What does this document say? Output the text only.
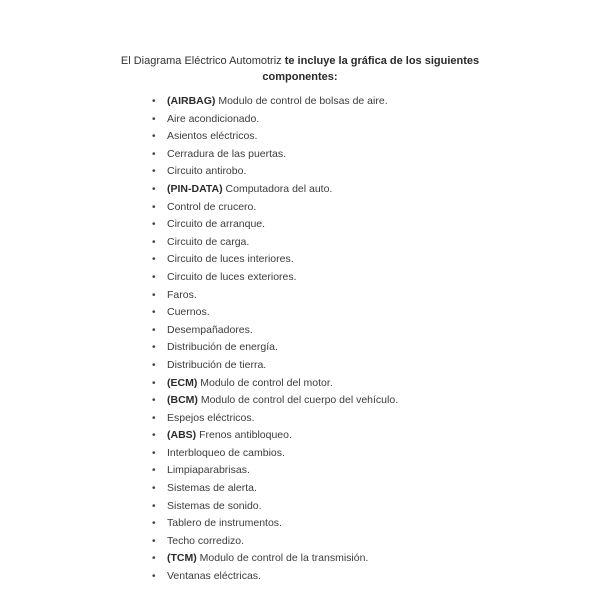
El Diagrama Eléctrico Automotriz te incluye la gráfica de los siguientes componentes:

• (AIRBAG) Modulo de control de bolsas de aire.
• Aire acondicionado.
• Asientos eléctricos.
• Cerradura de las puertas.
• Circuito antirobo.
• (PIN-DATA) Computadora del auto.
• Control de crucero.
• Circuito de arranque.
• Circuito de carga.
• Circuito de luces interiores.
• Circuito de luces exteriores.
• Faros.
• Cuernos.
• Desempañadores.
• Distribución de energía.
• Distribución de tierra.
• (ECM) Modulo de control del motor.
• (BCM) Modulo de control del cuerpo del vehículo.
• Espejos eléctricos.
• (ABS) Frenos antibloqueo.
• Interbloqueo de cambios.
• Limpiaparabrisas.
• Sistemas de alerta.
• Sistemas de sonido.
• Tablero de instrumentos.
• Techo corredizo.
• (TCM) Modulo de control de la transmisión.
• Ventanas eléctricas.
